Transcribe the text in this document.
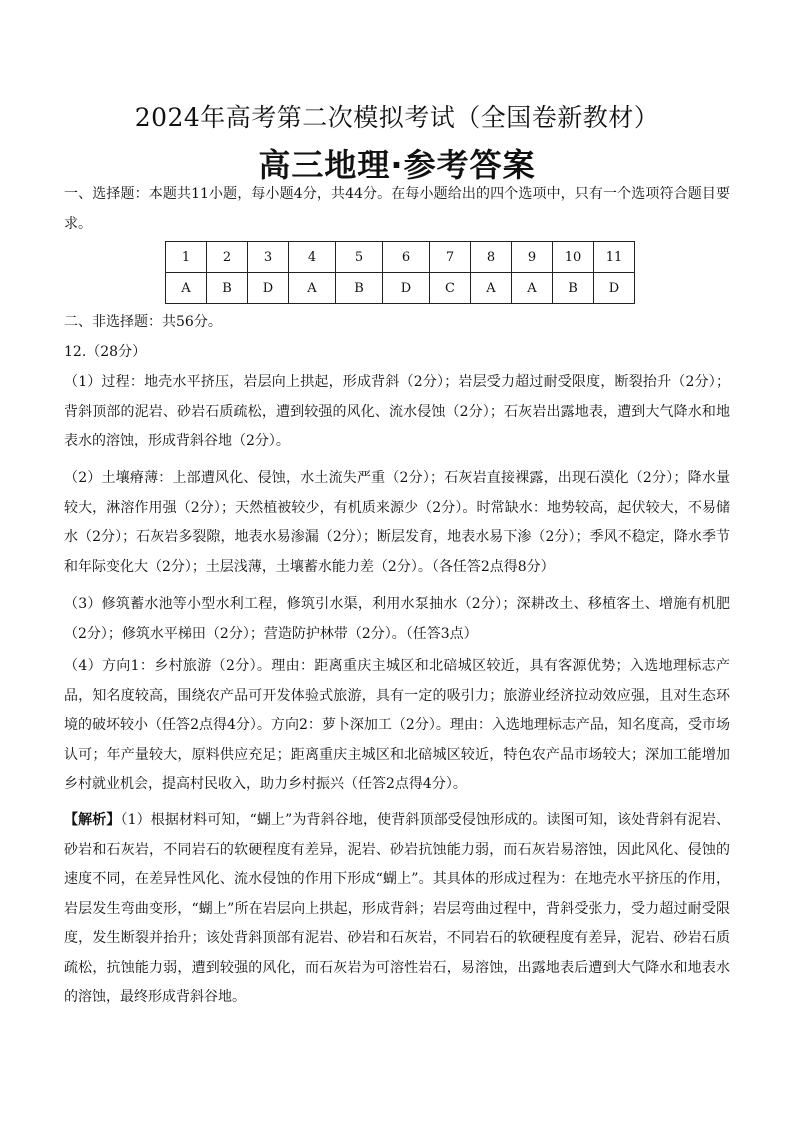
2024年高考第二次模拟考试（全国卷新教材）
高三地理·参考答案
一、选择题：本题共11小题，每小题4分，共44分。在每小题给出的四个选项中，只有一个选项符合题目要求。
1	2	3	4	5	6	7	8	9	10	11
A	B	D	A	B	D	C	A	A	B	D
二、非选择题：共56分。
12.（28分）
（1）过程：地壳水平挤压，岩层向上拱起，形成背斜（2分）；岩层受力超过耐受限度，断裂抬升（2分）；背斜顶部的泥岩、砂岩石质疏松，遭到较强的风化、流水侵蚀（2分）；石灰岩出露地表，遭到大气降水和地表水的溶蚀，形成背斜谷地（2分）。
（2）土壤瘠薄：上部遭风化、侵蚀，水土流失严重（2分）；石灰岩直接裸露，出现石漠化（2分）；降水量较大，淋溶作用强（2分）；天然植被较少，有机质来源少（2分）。时常缺水：地势较高，起伏较大，不易储水（2分）；石灰岩多裂隙，地表水易渗漏（2分）；断层发育，地表水易下渗（2分）；季风不稳定，降水季节和年际变化大（2分）；土层浅薄，土壤蓄水能力差（2分）。（各任答2点得8分）
（3）修筑蓄水池等小型水利工程，修筑引水渠，利用水泵抽水（2分）；深耕改土、移植客土、增施有机肥（2分）；修筑水平梯田（2分）；营造防护林带（2分）。（任答3点）
（4）方向1：乡村旅游（2分）。理由：距离重庆主城区和北碚城区较近，具有客源优势；入选地理标志产品，知名度较高，围绕农产品可开发体验式旅游，具有一定的吸引力；旅游业经济拉动效应强，且对生态环境的破坏较小（任答2点得4分）。方向2：萝卜深加工（2分）。理由：入选地理标志产品，知名度高，受市场认可；年产量较大，原料供应充足；距离重庆主城区和北碚城区较近，特色农产品市场较大；深加工能增加乡村就业机会，提高村民收入，助力乡村振兴（任答2点得4分）。
【解析】（1）根据材料可知，“蝴上”为背斜谷地，使背斜顶部受侵蚀形成的。读图可知，该处背斜有泥岩、砂岩和石灰岩，不同岩石的软硬程度有差异，泥岩、砂岩抗蚀能力弱，而石灰岩易溶蚀，因此风化、侵蚀的速度不同，在差异性风化、流水侵蚀的作用下形成“蝴上”。其具体的形成过程为：在地壳水平挤压的作用，岩层发生弯曲变形，“蝴上”所在岩层向上拱起，形成背斜；岩层弯曲过程中，背斜受张力，受力超过耐受限度，发生断裂并抬升；该处背斜顶部有泥岩、砂岩和石灰岩，不同岩石的软硬程度有差异，泥岩、砂岩石质疏松，抗蚀能力弱，遭到较强的风化，而石灰岩为可溶性岩石，易溶蚀，出露地表后遭到大气降水和地表水的溶蚀，最终形成背斜谷地。
